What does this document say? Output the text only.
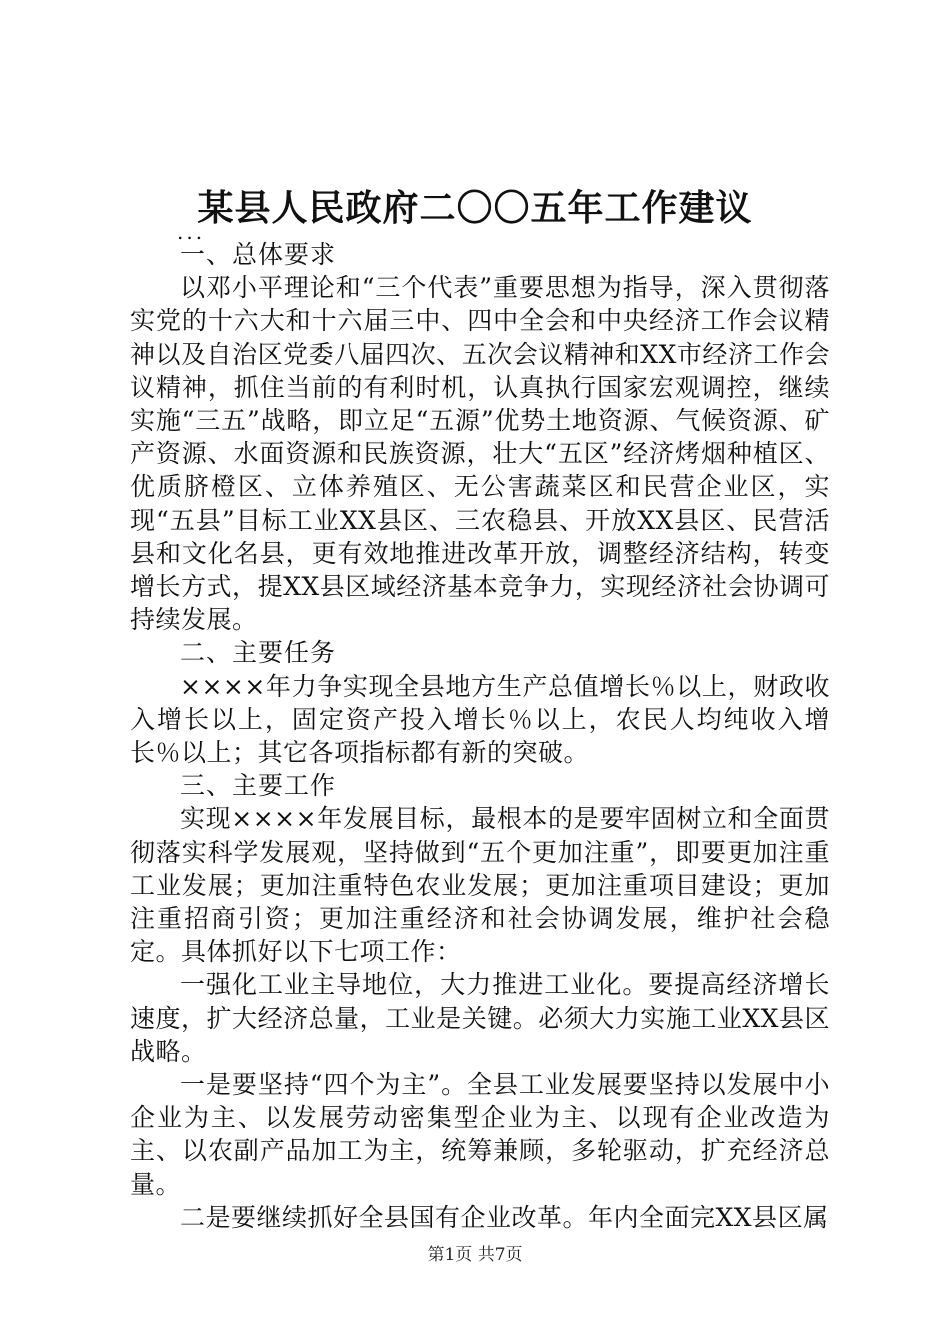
某县人民政府二〇〇五年工作建议
...

一、总体要求

以邓小平理论和“三个代表”重要思想为指导，深入贯彻落实党的十六大和十六届三中、四中全会和中央经济工作会议精神以及自治区党委八届四次、五次会议精神和XX市经济工作会议精神，抓住当前的有利时机，认真执行国家宏观调控，继续实施“三五”战略，即立足“五源”优势土地资源、气候资源、矿产资源、水面资源和民族资源，壮大“五区”经济烤烟种植区、优质脐橙区、立体养殖区、无公害蔬菜区和民营企业区，实现“五县”目标工业XX县区、三农稳县、开放XX县区、民营活县和文化名县，更有效地推进改革开放，调整经济结构，转变增长方式，提XX县区域经济基本竞争力，实现经济社会协调可持续发展。

二、主要任务

××××年力争实现全县地方生产总值增长％以上，财政收入增长以上，固定资产投入增长％以上，农民人均纯收入增长％以上；其它各项指标都有新的突破。

三、主要工作

实现××××年发展目标，最根本的是要牢固树立和全面贯彻落实科学发展观，坚持做到“五个更加注重”，即要更加注重工业发展；更加注重特色农业发展；更加注重项目建设；更加注重招商引资；更加注重经济和社会协调发展，维护社会稳定。具体抓好以下七项工作：

一强化工业主导地位，大力推进工业化。要提高经济增长速度，扩大经济总量，工业是关键。必须大力实施工业XX县区战略。

一是要坚持“四个为主”。全县工业发展要坚持以发展中小企业为主、以发展劳动密集型企业为主、以现有企业改造为主、以农副产品加工为主，统筹兼顾，多轮驱动，扩充经济总量。

二是要继续抓好全县国有企业改革。年内全面完XX县区属

第1页 共7页
